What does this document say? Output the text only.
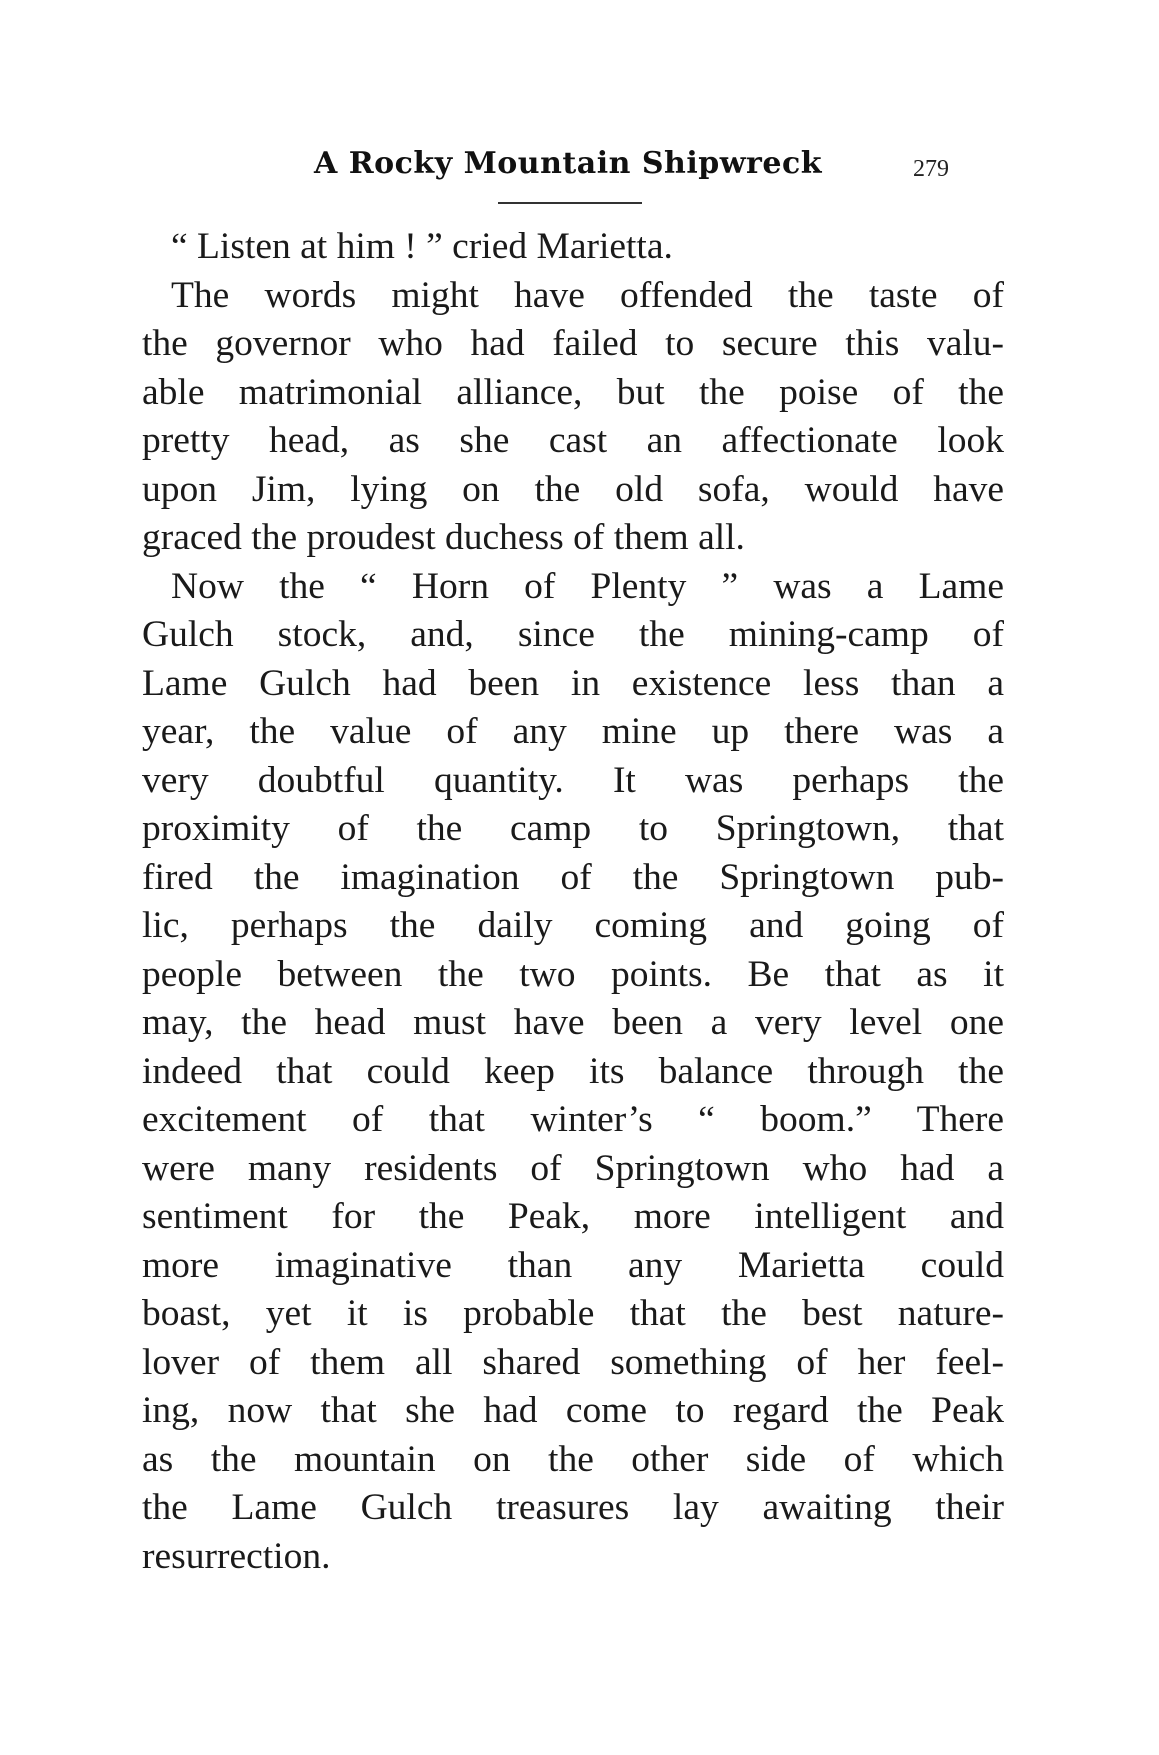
A Rocky Mountain Shipwreck	279
“ Listen at him ! ” cried Marietta.
The words might have offended the taste of
the governor who had failed to secure this valu-
able matrimonial alliance, but the poise of the
pretty head, as she cast an affectionate look
upon Jim, lying on the old sofa, would have
graced the proudest duchess of them all.
Now the “ Horn of Plenty ” was a Lame
Gulch stock, and, since the mining-camp of
Lame Gulch had been in existence less than a
year, the value of any mine up there was a
very doubtful quantity. It was perhaps the
proximity of the camp to Springtown, that
fired the imagination of the Springtown pub-
lic, perhaps the daily coming and going of
people between the two points. Be that as it
may, the head must have been a very level one
indeed that could keep its balance through the
excitement of that winter’s “ boom.” There
were many residents of Springtown who had a
sentiment for the Peak, more intelligent and
more imaginative than any Marietta could
boast, yet it is probable that the best nature-
lover of them all shared something of her feel-
ing, now that she had come to regard the Peak
as the mountain on the other side of which
the Lame Gulch treasures lay awaiting their
resurrection.
